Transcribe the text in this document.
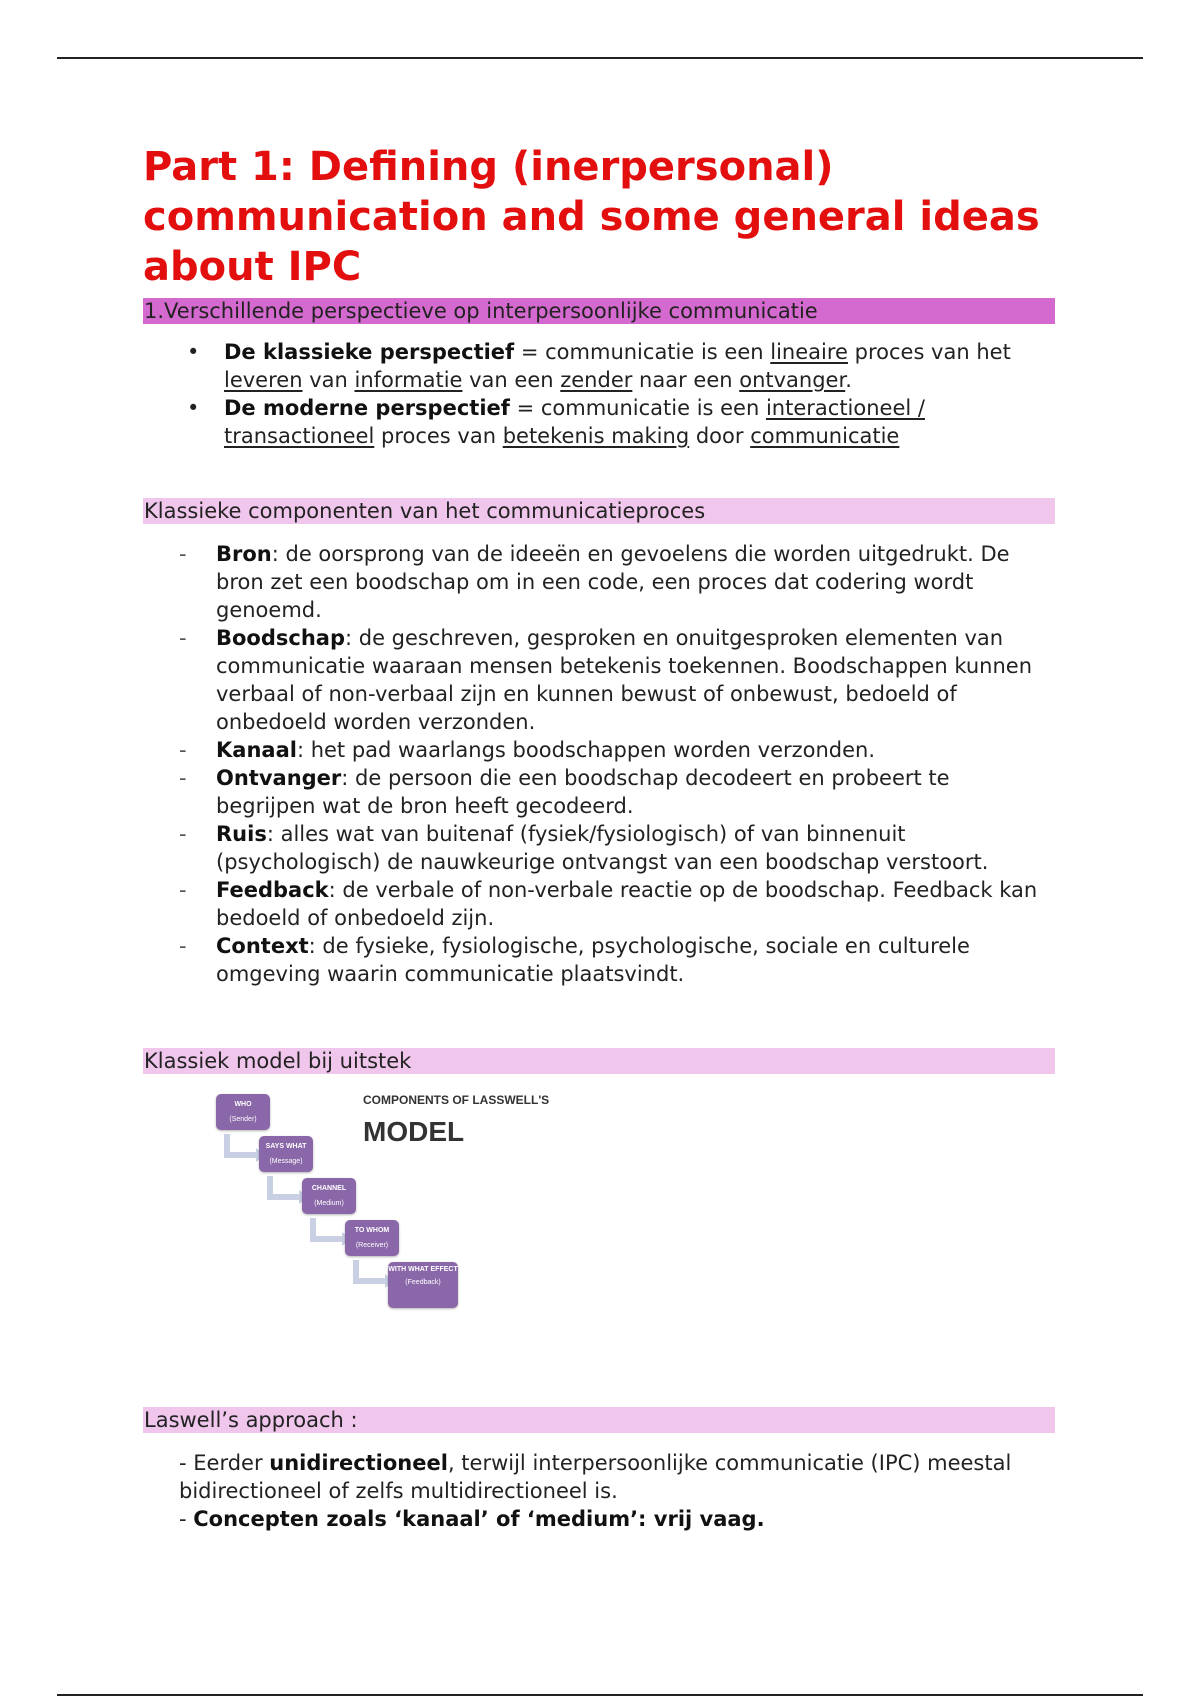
Part 1: Defining (inerpersonal) communication and some general ideas about IPC
1.Verschillende perspectieve op interpersoonlijke communicatie
• De klassieke perspectief = communicatie is een lineaire proces van het leveren van informatie van een zender naar een ontvanger.
• De moderne perspectief = communicatie is een interactioneel / transactioneel proces van betekenis making door communicatie
Klassieke componenten van het communicatieproces
- Bron: de oorsprong van de ideeën en gevoelens die worden uitgedrukt. De bron zet een boodschap om in een code, een proces dat codering wordt genoemd.
- Boodschap: de geschreven, gesproken en onuitgesproken elementen van communicatie waaraan mensen betekenis toekennen. Boodschappen kunnen verbaal of non-verbaal zijn en kunnen bewust of onbewust, bedoeld of onbedoeld worden verzonden.
- Kanaal: het pad waarlangs boodschappen worden verzonden.
- Ontvanger: de persoon die een boodschap decodeert en probeert te begrijpen wat de bron heeft gecodeerd.
- Ruis: alles wat van buitenaf (fysiek/fysiologisch) of van binnenuit (psychologisch) de nauwkeurige ontvangst van een boodschap verstoort.
- Feedback: de verbale of non-verbale reactie op de boodschap. Feedback kan bedoeld of onbedoeld zijn.
- Context: de fysieke, fysiologische, psychologische, sociale en culturele omgeving waarin communicatie plaatsvindt.
Klassiek model bij uitstek
COMPONENTS OF LASSWELL'S
MODEL
WHO
(Sender)
SAYS WHAT
(Message)
CHANNEL
(Medium)
TO WHOM
(Receiver)
WITH WHAT EFFECT
(Feedback)
Laswell’s approach :

- Eerder unidirectioneel, terwijl interpersoonlijke communicatie (IPC) meestal bidirectioneel of zelfs multidirectioneel is.

- Concepten zoals ‘kanaal’ of ‘medium’: vrij vaag.
